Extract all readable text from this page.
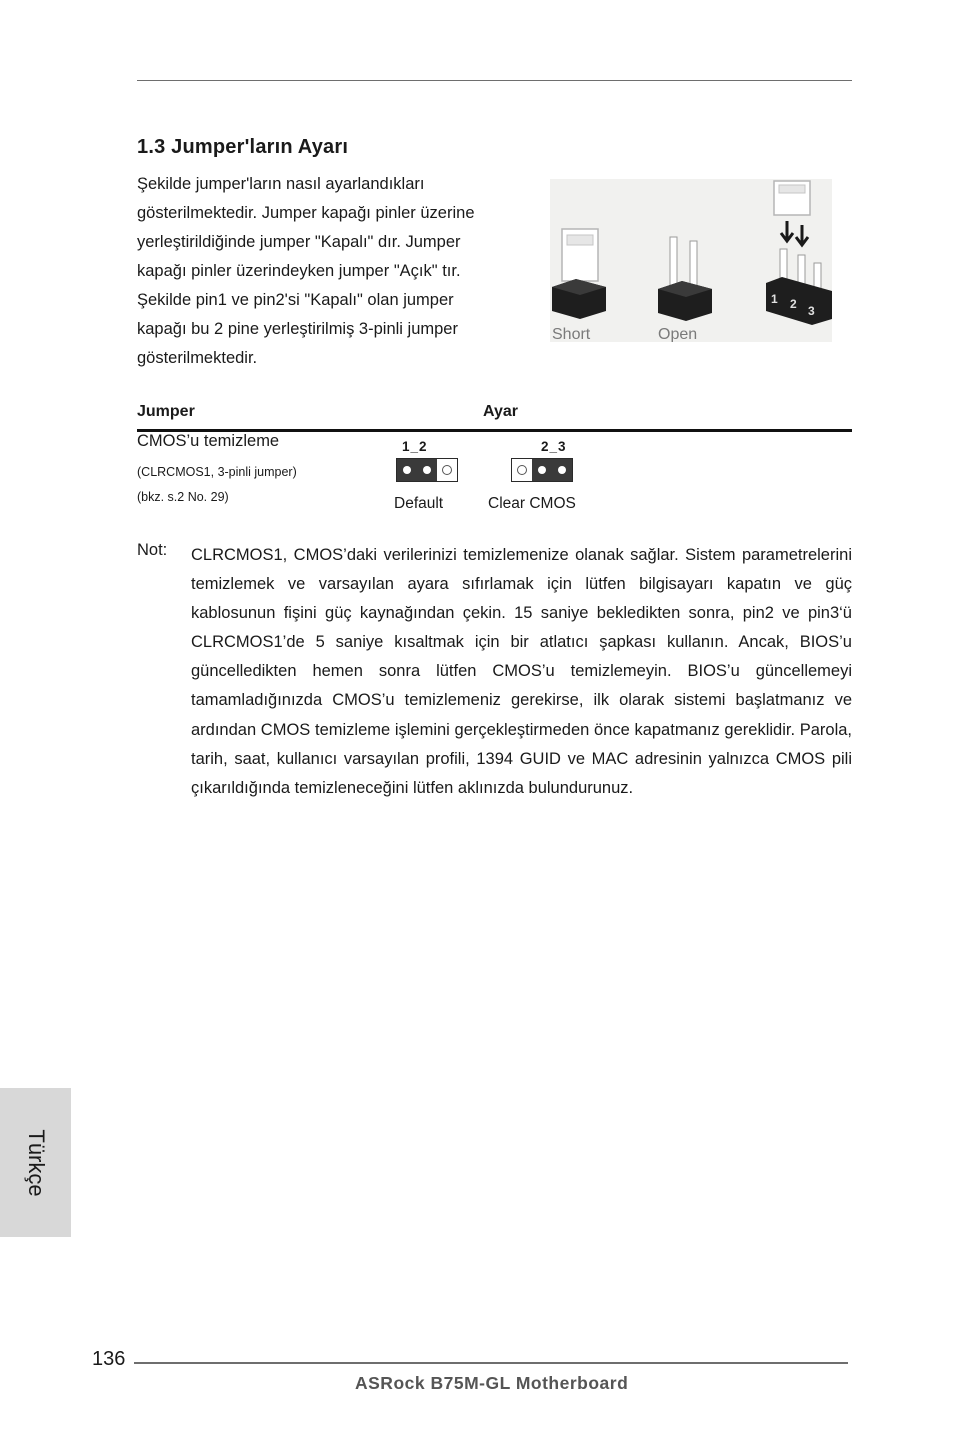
1.3 Jumper'ların Ayarı
Şekilde jumper'ların nasıl ayarlandıkları
gösterilmektedir. Jumper kapağı pinler üzerine
yerleştirildiğinde jumper "Kapalı" dır. Jumper
kapağı pinler üzerindeyken jumper "Açık" tır.
Şekilde pin1 ve pin2'si "Kapalı" olan jumper
kapağı bu 2 pine yerleştirilmiş 3-pinli jumper
gösterilmektedir.
Short	Open
1 2 3
Jumper	Ayar
CMOS’u temizleme
(CLRCMOS1, 3-pinli jumper)
(bkz. s.2 No. 29)
1_2
Default
2_3
Clear CMOS
Not: CLRCMOS1, CMOS’daki verilerinizi temizlemenize olanak sağlar. Sistem parametrelerini temizlemek ve varsayılan ayara sıfırlamak için lütfen bilgisayarı kapatın ve güç kablosunun fişini güç kaynağından çekin. 15 saniye bekledikten sonra, pin2 ve pin3‘ü CLRCMOS1’de 5 saniye kısaltmak için bir atlatıcı şapkası kullanın. Ancak, BIOS’u güncelledikten hemen sonra lütfen CMOS’u temizlemeyin. BIOS’u güncellemeyi tamamladığınızda CMOS’u temizlemeniz gerekirse, ilk olarak sistemi başlatmanız ve ardından CMOS temizleme işlemini gerçekleştirmeden önce kapatmanız gereklidir. Parola, tarih, saat, kullanıcı varsayılan profili, 1394 GUID ve MAC adresinin yalnızca CMOS pili çıkarıldığında temizleneceğini lütfen aklınızda bulundurunuz.

Türkçe
136
ASRock B75M-GL Motherboard
